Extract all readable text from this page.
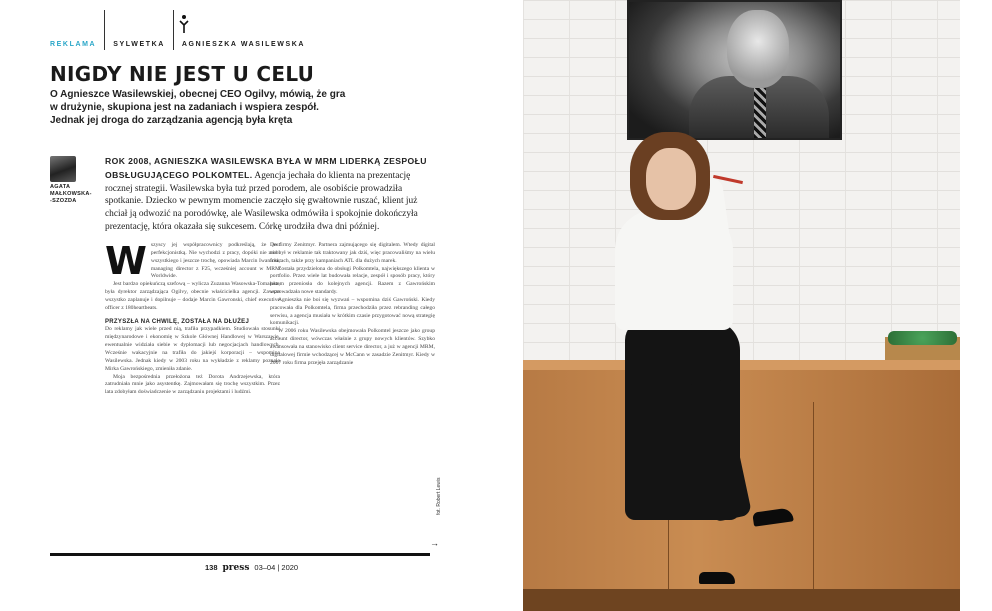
REKLAMA SYLWETKA AGNIESZKA WASILEWSKA
NIGDY NIE JEST U CELU

O Agnieszce Wasilewskiej, obecnej CEO Ogilvy, mówią, że gra w drużynie, skupiona jest na zadaniach i wspiera zespół. Jednak jej droga do zarządzania agencją była kręta

AGATA
MAŁKOWSKA-
-SZOZDA
ROK 2008, AGNIESZKA WASILEWSKA BYŁA W MRM LIDERKĄ ZESPOŁU OBSŁUGUJĄCEGO POLKOMTEL. Agencja jechała do klienta na prezentację rocznej strategii. Wasilewska była tuż przed porodem, ale osobiście prowadziła spotkanie. Dziecko w pewnym momencie zaczęło się gwałtownie ruszać, klient już chciał ją odwozić na porodówkę, ale Wasilewska odmówiła i spokojnie dokończyła prezentację, która okazała się sukcesem. Córkę urodziła dwa dni później.
W szyscy jej współpracownicy podkreślają, że jest perfekcjonistką. Nie wychodzi z pracy, dopóki nie zrobi wszystkiego i jeszcze trochę, opowiada Marcin Iwanicki, managing director z F25, wcześniej account w MRM Worldwide.

Jest bardzo opiekuńczą szefową – wylicza Zuzanna Wasowska-Tomalska, była dyrektor zarządzająca Ogilvy, obecnie właścicielka agencji. Zawsze wszystko zaplanuje i dopilnuje – dodaje Marcin Gawronski, chief executive officer z 180heartbeats.

PRZYSZŁA NA CHWILĘ, ZOSTAŁA NA DŁUŻEJ
Do reklamy jak wiele przed nią, trafiła przypadkiem. Studiowała stosunki międzynarodowe i ekonomię w Szkole Głównej Handlowej w Warszawie, ewentualnie widziała siebie w dyplomacji lub negocjacjach handlowych. Wcześnie wakacyjnie na trafiła do jakiejś korporacji – wspomina Wasilewska. Jednak kiedy w 2003 roku na wykładzie z reklamy poznała Mirka Gawrońskiego, zmieniła zdanie.

Moja bezpośrednia przełożona też Dorota Andrzejewska, która zatrudniała mnie jako asystentkę. Zajmowałam się trochę wszystkim. Przez lata zdobyłam doświadczenie w zarządzaniu projektami i ludźmi.

Do firmy Zenitmyr. Partnera zajmującego się digitalem. Wtedy digital nie był w reklamie tak traktowany jak dziś, więc pracowaliśmy na wielu frontach, także przy kampaniach ATL dla dużych marek.

Została przydzielona do obsługi Polkomtela, największego klienta w portfolio. Przez wiele lat budowała relacje, zespół i sposób pracy, który potem przeniosła do kolejnych agencji. Razem z Gawrońskim wprowadzała nowe standardy.

Agnieszka nie boi się wyzwań – wspomina dziś Gawroński. Kiedy pracowała dla Polkomtela, firma przechodziła przez rebranding całego serwisu, a agencja musiała w krótkim czasie przygotować nową strategię komunikacji.

W 2006 roku Wasilewska obejmowała Polkomtel jeszcze jako group account director, wówczas właśnie z grupy nowych klientów. Szybko awansowała na stanowisko client service director, a już w agencji MRM, digitalowej firmie wchodzącej w McCann w zasadzie Zenitmyr. Kiedy w 2007 roku firma przejęła zarządzanie

fot. Robert Lewis
→
138 press 03–04 | 2020
